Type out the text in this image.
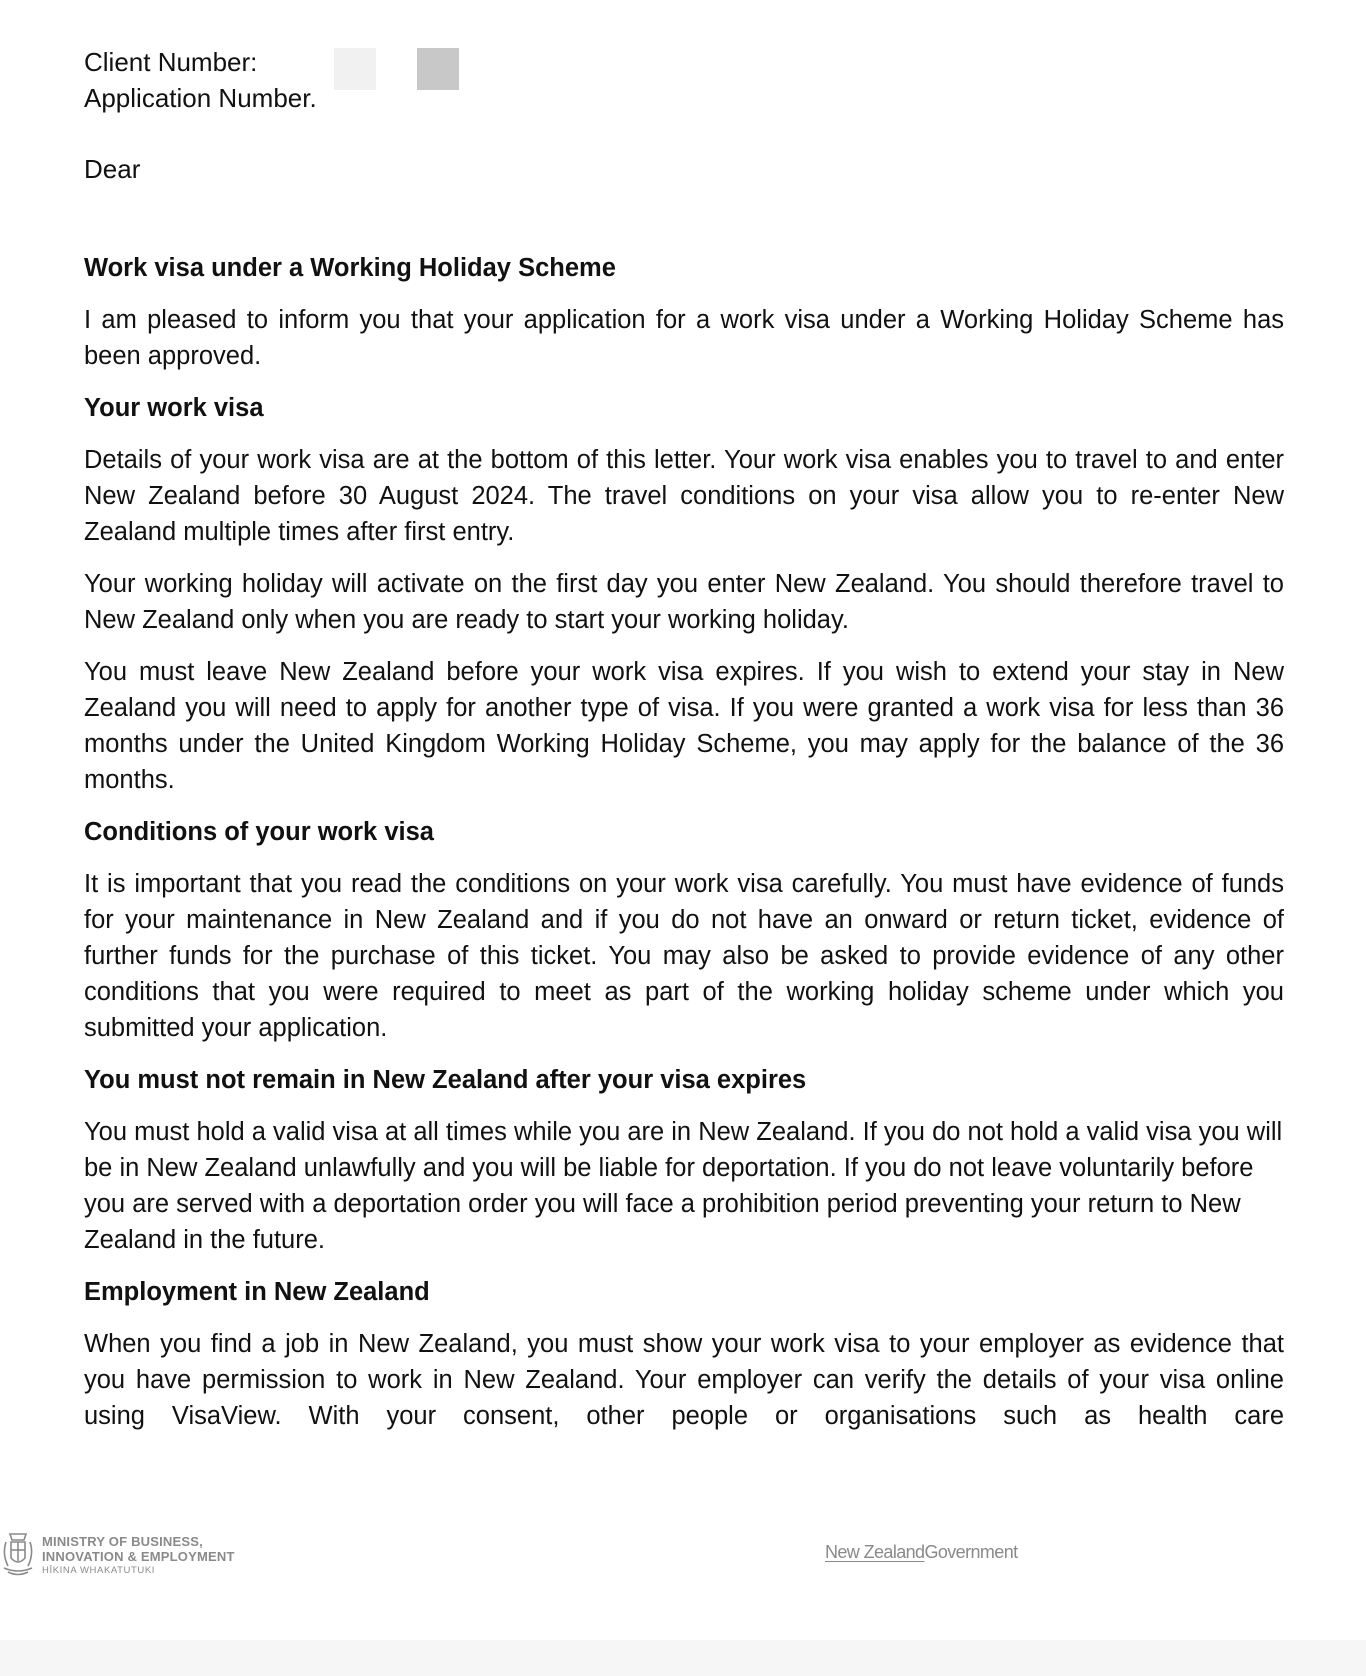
Client Number:
Application Number.
Dear
Work visa under a Working Holiday Scheme

I am pleased to inform you that your application for a work visa under a Working Holiday Scheme has been approved.

Your work visa

Details of your work visa are at the bottom of this letter. Your work visa enables you to travel to and enter New Zealand before 30 August 2024. The travel conditions on your visa allow you to re-enter New Zealand multiple times after first entry.

Your working holiday will activate on the first day you enter New Zealand. You should therefore travel to New Zealand only when you are ready to start your working holiday.

You must leave New Zealand before your work visa expires. If you wish to extend your stay in New Zealand you will need to apply for another type of visa. If you were granted a work visa for less than 36 months under the United Kingdom Working Holiday Scheme, you may apply for the balance of the 36 months.

Conditions of your work visa

It is important that you read the conditions on your work visa carefully. You must have evidence of funds for your maintenance in New Zealand and if you do not have an onward or return ticket, evidence of further funds for the purchase of this ticket. You may also be asked to provide evidence of any other conditions that you were required to meet as part of the working holiday scheme under which you submitted your application.

You must not remain in New Zealand after your visa expires

You must hold a valid visa at all times while you are in New Zealand. If you do not hold a valid visa you will be in New Zealand unlawfully and you will be liable for deportation. If you do not leave voluntarily before you are served with a deportation order you will face a prohibition period preventing your return to New Zealand in the future.

Employment in New Zealand

When you find a job in New Zealand, you must show your work visa to your employer as evidence that you have permission to work in New Zealand. Your employer can verify the details of your visa online using VisaView. With your consent, other people or organisations such as health care

MINISTRY OF BUSINESS,
INNOVATION & EMPLOYMENT
HĪKINA WHAKATUTUKI
New ZealandGovernment
